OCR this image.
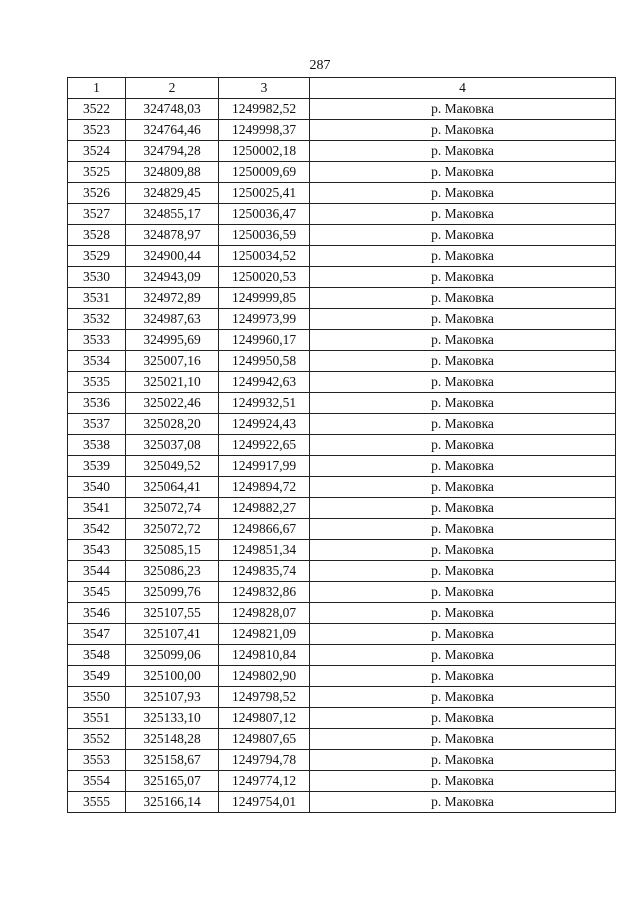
287
1	2	3	4
3522	324748,03	1249982,52	р. Маковка
3523	324764,46	1249998,37	р. Маковка
3524	324794,28	1250002,18	р. Маковка
3525	324809,88	1250009,69	р. Маковка
3526	324829,45	1250025,41	р. Маковка
3527	324855,17	1250036,47	р. Маковка
3528	324878,97	1250036,59	р. Маковка
3529	324900,44	1250034,52	р. Маковка
3530	324943,09	1250020,53	р. Маковка
3531	324972,89	1249999,85	р. Маковка
3532	324987,63	1249973,99	р. Маковка
3533	324995,69	1249960,17	р. Маковка
3534	325007,16	1249950,58	р. Маковка
3535	325021,10	1249942,63	р. Маковка
3536	325022,46	1249932,51	р. Маковка
3537	325028,20	1249924,43	р. Маковка
3538	325037,08	1249922,65	р. Маковка
3539	325049,52	1249917,99	р. Маковка
3540	325064,41	1249894,72	р. Маковка
3541	325072,74	1249882,27	р. Маковка
3542	325072,72	1249866,67	р. Маковка
3543	325085,15	1249851,34	р. Маковка
3544	325086,23	1249835,74	р. Маковка
3545	325099,76	1249832,86	р. Маковка
3546	325107,55	1249828,07	р. Маковка
3547	325107,41	1249821,09	р. Маковка
3548	325099,06	1249810,84	р. Маковка
3549	325100,00	1249802,90	р. Маковка
3550	325107,93	1249798,52	р. Маковка
3551	325133,10	1249807,12	р. Маковка
3552	325148,28	1249807,65	р. Маковка
3553	325158,67	1249794,78	р. Маковка
3554	325165,07	1249774,12	р. Маковка
3555	325166,14	1249754,01	р. Маковка
